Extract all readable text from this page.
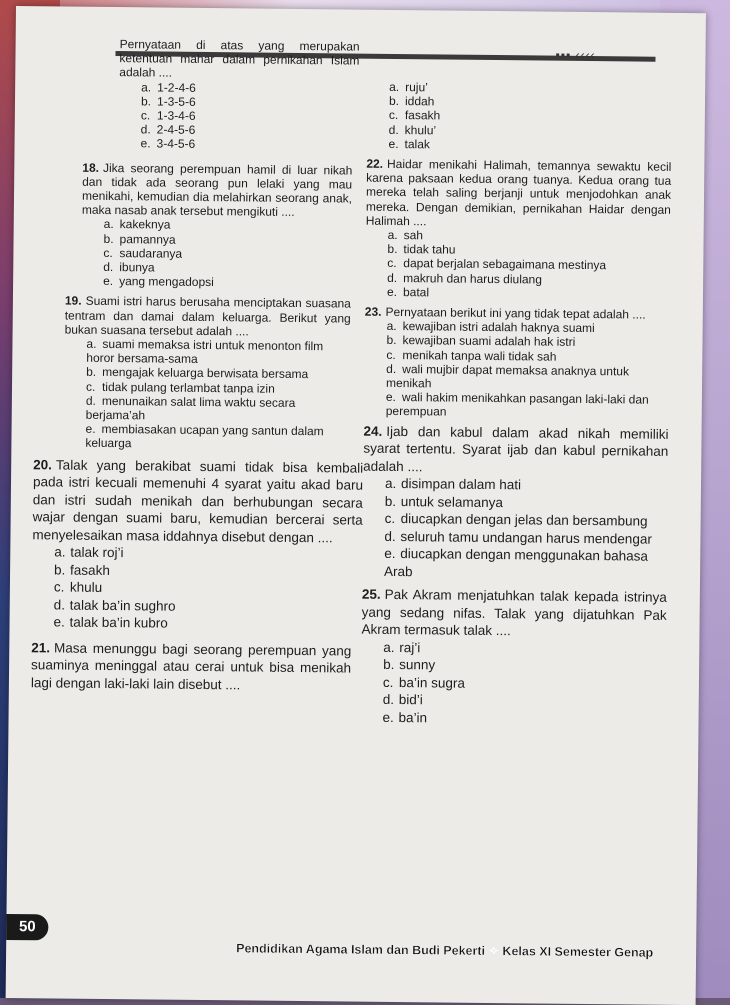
▪▪▪ ‹‹‹‹
Pernyataan di atas yang merupakan ketentuan mahar dalam pernikahan Islam adalah ....
a. 1-2-4-6
b. 1-3-5-6
c. 1-3-4-6
d. 2-4-5-6
e. 3-4-5-6
18. Jika seorang perempuan hamil di luar nikah dan tidak ada seorang pun lelaki yang mau menikahi, kemudian dia melahirkan seorang anak, maka nasab anak tersebut mengikuti ....
a. kakeknya
b. pamannya
c. saudaranya
d. ibunya
e. yang mengadopsi
19. Suami istri harus berusaha menciptakan suasana tentram dan damai dalam keluarga. Berikut yang bukan suasana tersebut adalah ....
a. suami memaksa istri untuk menonton film horor bersama-sama
b. mengajak keluarga berwisata bersama
c. tidak pulang terlambat tanpa izin
d. menunaikan salat lima waktu secara berjama’ah
e. membiasakan ucapan yang santun dalam keluarga
20. Talak yang berakibat suami tidak bisa kembali pada istri kecuali memenuhi 4 syarat yaitu akad baru dan istri sudah menikah dan berhubungan secara wajar dengan suami baru, kemudian bercerai serta menyelesaikan masa iddahnya disebut dengan ....
a. talak roj’i
b. fasakh
c. khulu
d. talak ba’in sughro
e. talak ba’in kubro
21. Masa menunggu bagi seorang perempuan yang suaminya meninggal atau cerai untuk bisa menikah lagi dengan laki-laki lain disebut ....
a. ruju’
b. iddah
c. fasakh
d. khulu’
e. talak
22. Haidar menikahi Halimah, temannya sewaktu kecil karena paksaan kedua orang tuanya. Kedua orang tua mereka telah saling berjanji untuk menjodohkan anak mereka. Dengan demikian, pernikahan Haidar dengan Halimah ....
a. sah
b. tidak tahu
c. dapat berjalan sebagaimana mestinya
d. makruh dan harus diulang
e. batal
23. Pernyataan berikut ini yang tidak tepat adalah ....
a. kewajiban istri adalah haknya suami
b. kewajiban suami adalah hak istri
c. menikah tanpa wali tidak sah
d. wali mujbir dapat memaksa anaknya untuk menikah
e. wali hakim menikahkan pasangan laki-laki dan perempuan
24. Ijab dan kabul dalam akad nikah memiliki syarat tertentu. Syarat ijab dan kabul pernikahan adalah ....
a. disimpan dalam hati
b. untuk selamanya
c. diucapkan dengan jelas dan bersambung
d. seluruh tamu undangan harus mendengar
e. diucapkan dengan menggunakan bahasa Arab
25. Pak Akram menjatuhkan talak kepada istrinya yang sedang nifas. Talak yang dijatuhkan Pak Akram termasuk talak ....
a. raj’i
b. sunny
c. ba’in sugra
d. bid’i
e. ba’in
50
Pendidikan Agama Islam dan Budi Pekerti ✧ Kelas XI Semester Genap
